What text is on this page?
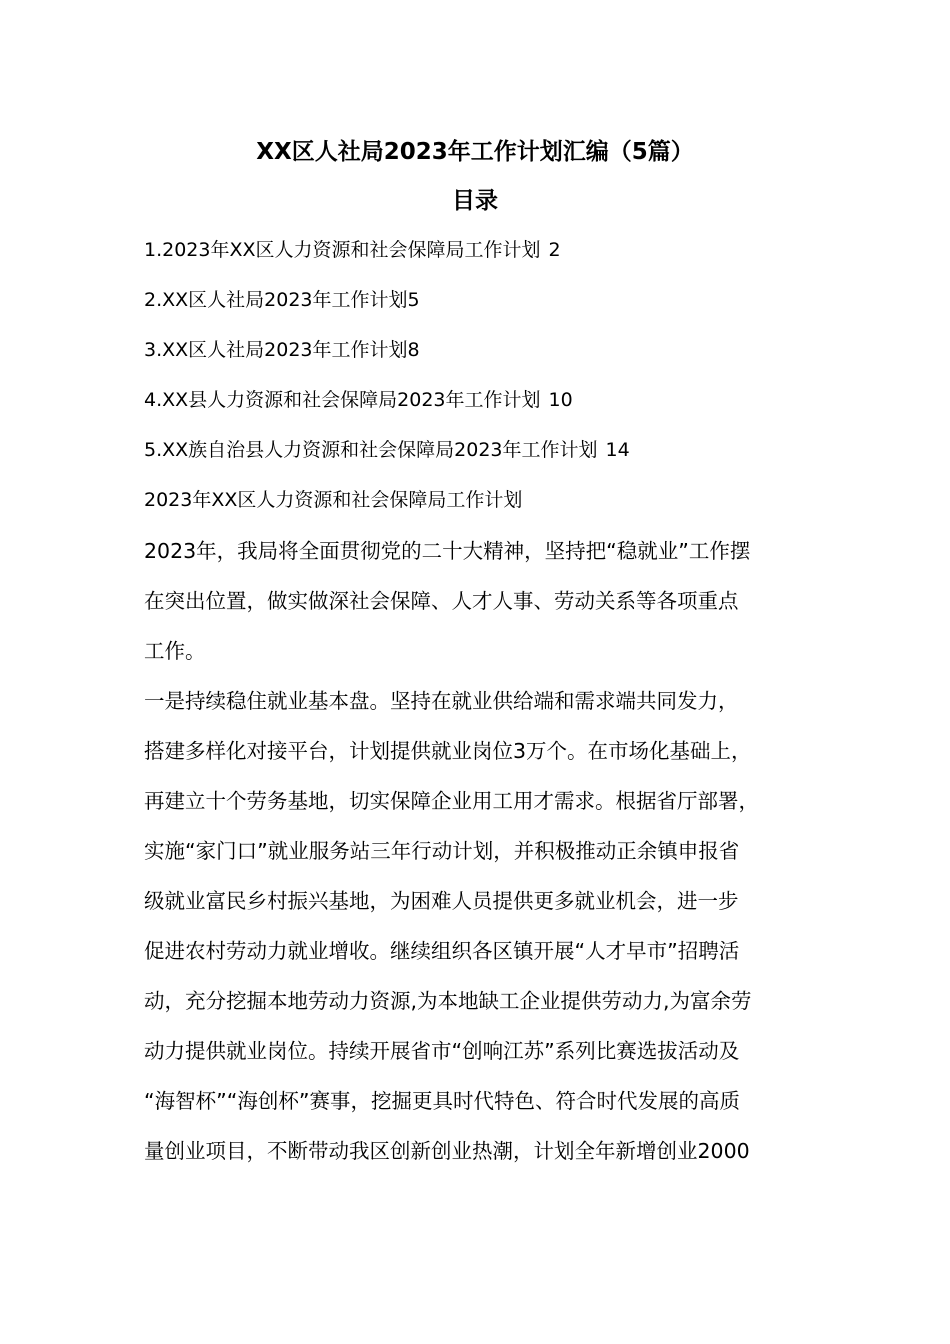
XX区人社局2023年工作计划汇编（5篇）
目录
1.2023年XX区人力资源和社会保障局工作计划 2
2.XX区人社局2023年工作计划5
3.XX区人社局2023年工作计划8
4.XX县人力资源和社会保障局2023年工作计划 10
5.XX族自治县人力资源和社会保障局2023年工作计划 14
2023年XX区人力资源和社会保障局工作计划
2023年，我局将全面贯彻党的二十大精神，坚持把“稳就业”工作摆
在突出位置，做实做深社会保障、人才人事、劳动关系等各项重点
工作。
一是持续稳住就业基本盘。坚持在就业供给端和需求端共同发力，
搭建多样化对接平台，计划提供就业岗位3万个。在市场化基础上，
再建立十个劳务基地，切实保障企业用工用才需求。根据省厅部署，
实施“家门口”就业服务站三年行动计划，并积极推动正余镇申报省
级就业富民乡村振兴基地，为困难人员提供更多就业机会，进一步
促进农村劳动力就业增收。继续组织各区镇开展“人才早市”招聘活
动，充分挖掘本地劳动力资源,为本地缺工企业提供劳动力,为富余劳
动力提供就业岗位。持续开展省市“创响江苏”系列比赛选拔活动及
“海智杯”“海创杯”赛事，挖掘更具时代特色、符合时代发展的高质
量创业项目，不断带动我区创新创业热潮，计划全年新增创业2000
